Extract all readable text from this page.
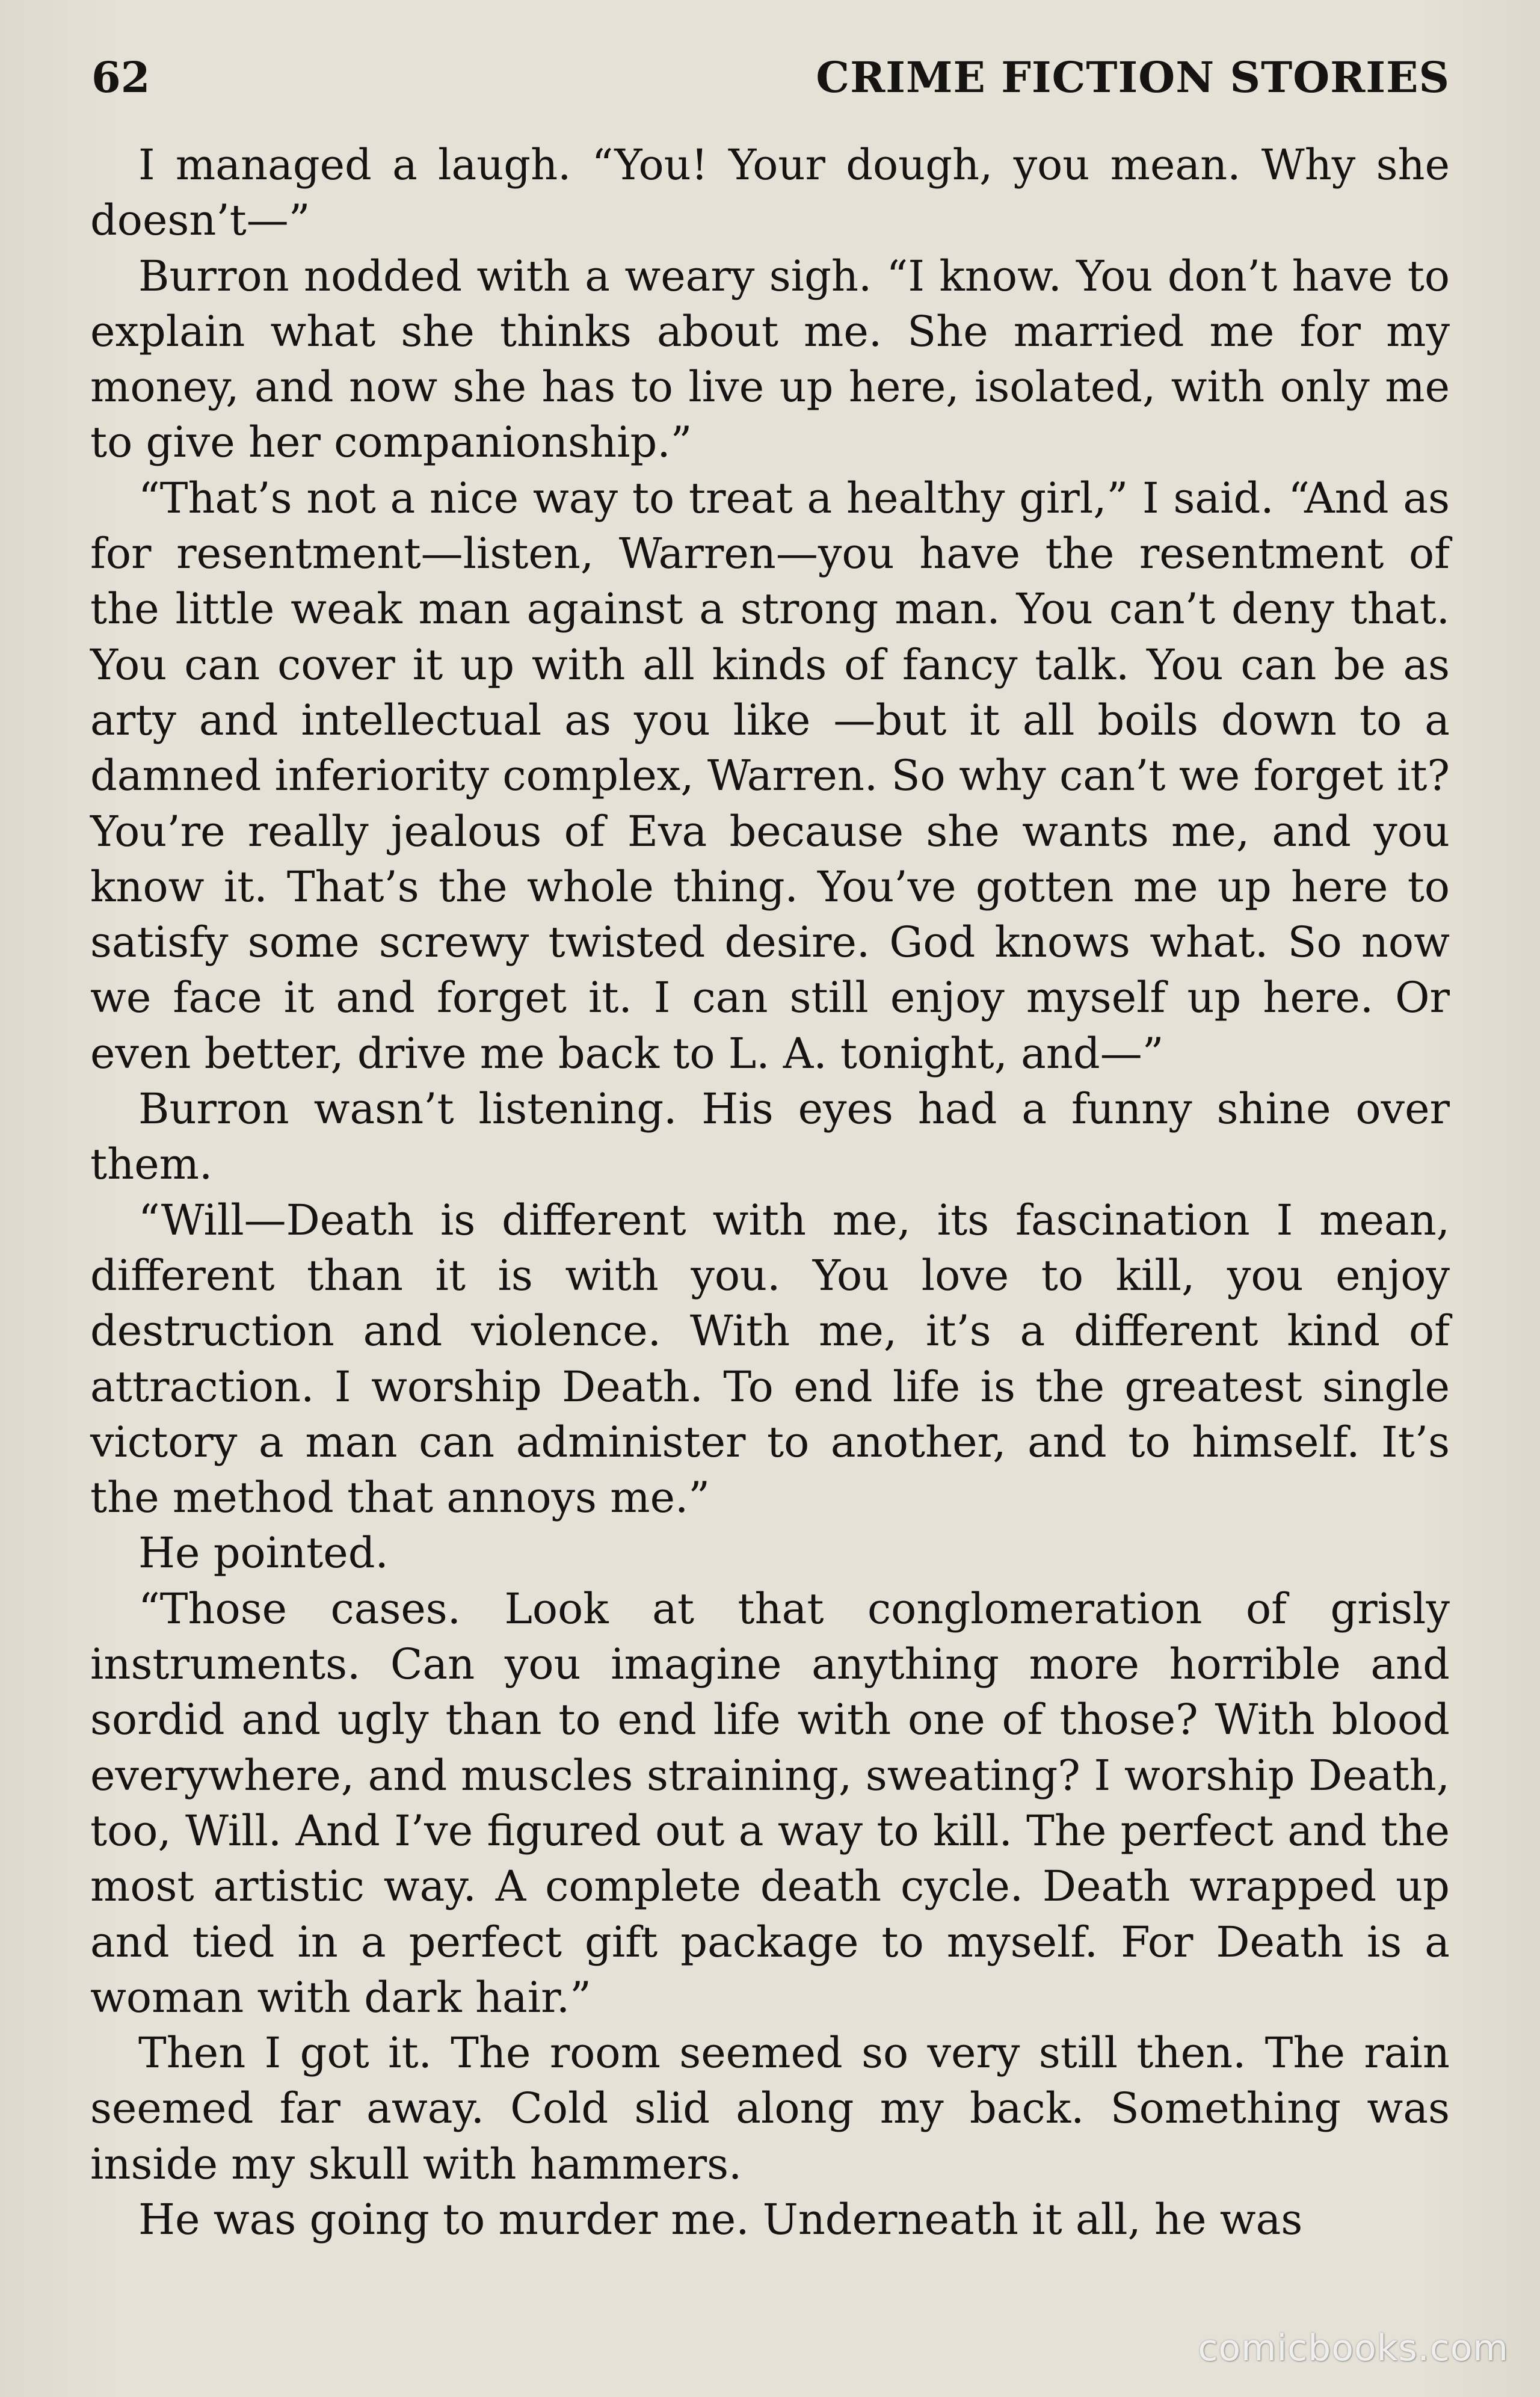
62	CRIME FICTION STORIES

I managed a laugh. “You! Your dough, you mean. Why she doesn’t—”

Burron nodded with a weary sigh. “I know. You don’t have to explain what she thinks about me. She married me for my money, and now she has to live up here, isolated, with only me to give her companionship.”

“That’s not a nice way to treat a healthy girl,” I said. “And as for resentment—listen, Warren—you have the resentment of the little weak man against a strong man. You can’t deny that. You can cover it up with all kinds of fancy talk. You can be as arty and intellectual as you like —but it all boils down to a damned inferiority complex, Warren. So why can’t we forget it? You’re really jealous of Eva because she wants me, and you know it. That’s the whole thing. You’ve gotten me up here to satisfy some screwy twisted desire. God knows what. So now we face it and forget it. I can still enjoy myself up here. Or even better, drive me back to L. A. tonight, and—”

Burron wasn’t listening. His eyes had a funny shine over them.

“Will—Death is different with me, its fascination I mean, different than it is with you. You love to kill, you enjoy destruction and violence. With me, it’s a different kind of attraction. I worship Death. To end life is the greatest single victory a man can administer to another, and to himself. It’s the method that annoys me.”

He pointed.

“Those cases. Look at that conglomeration of grisly instruments. Can you imagine anything more horrible and sordid and ugly than to end life with one of those? With blood everywhere, and muscles straining, sweating? I worship Death, too, Will. And I’ve figured out a way to kill. The perfect and the most artistic way. A complete death cycle. Death wrapped up and tied in a perfect gift package to myself. For Death is a woman with dark hair.”

Then I got it. The room seemed so very still then. The rain seemed far away. Cold slid along my back. Something was inside my skull with hammers.

He was going to murder me. Underneath it all, he was

comicbooks.com
